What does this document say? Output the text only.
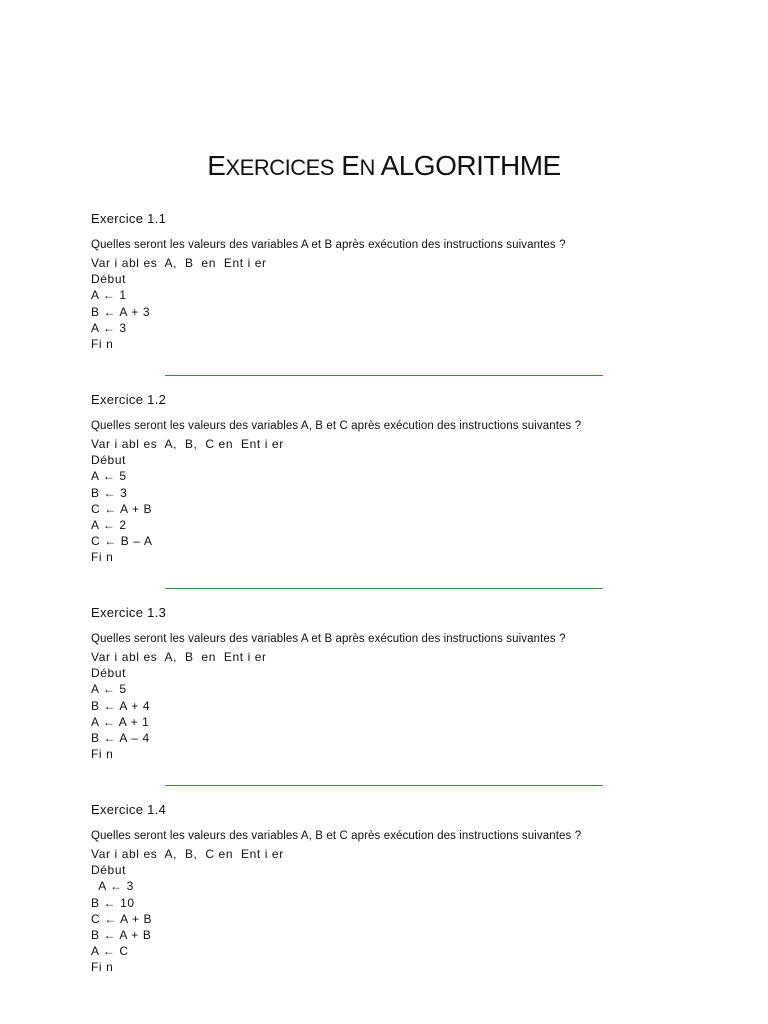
EXERCICES EN ALGORITHME
Exercice 1.1
Quelles seront les valeurs des variables A et B après exécution des instructions suivantes ?
Var i abl es  A,  B  en  Ent i er
Début
A ← 1
B ← A + 3
A ← 3
Fi n
Exercice 1.2
Quelles seront les valeurs des variables A, B et C après exécution des instructions suivantes ?
Var i abl es  A,  B,  C en  Ent i er
Début
A ← 5
B ← 3
C ← A + B
A ← 2
C ← B – A
Fi n
Exercice 1.3
Quelles seront les valeurs des variables A et B après exécution des instructions suivantes ?
Var i abl es  A,  B  en  Ent i er
Début
A ← 5
B ← A + 4
A ← A + 1
B ← A – 4
Fi n
Exercice 1.4
Quelles seront les valeurs des variables A, B et C après exécution des instructions suivantes ?
Var i abl es  A,  B,  C en  Ent i er
Début
A ← 3
B ← 10
C ← A + B
B ← A + B
A ← C
Fi n
